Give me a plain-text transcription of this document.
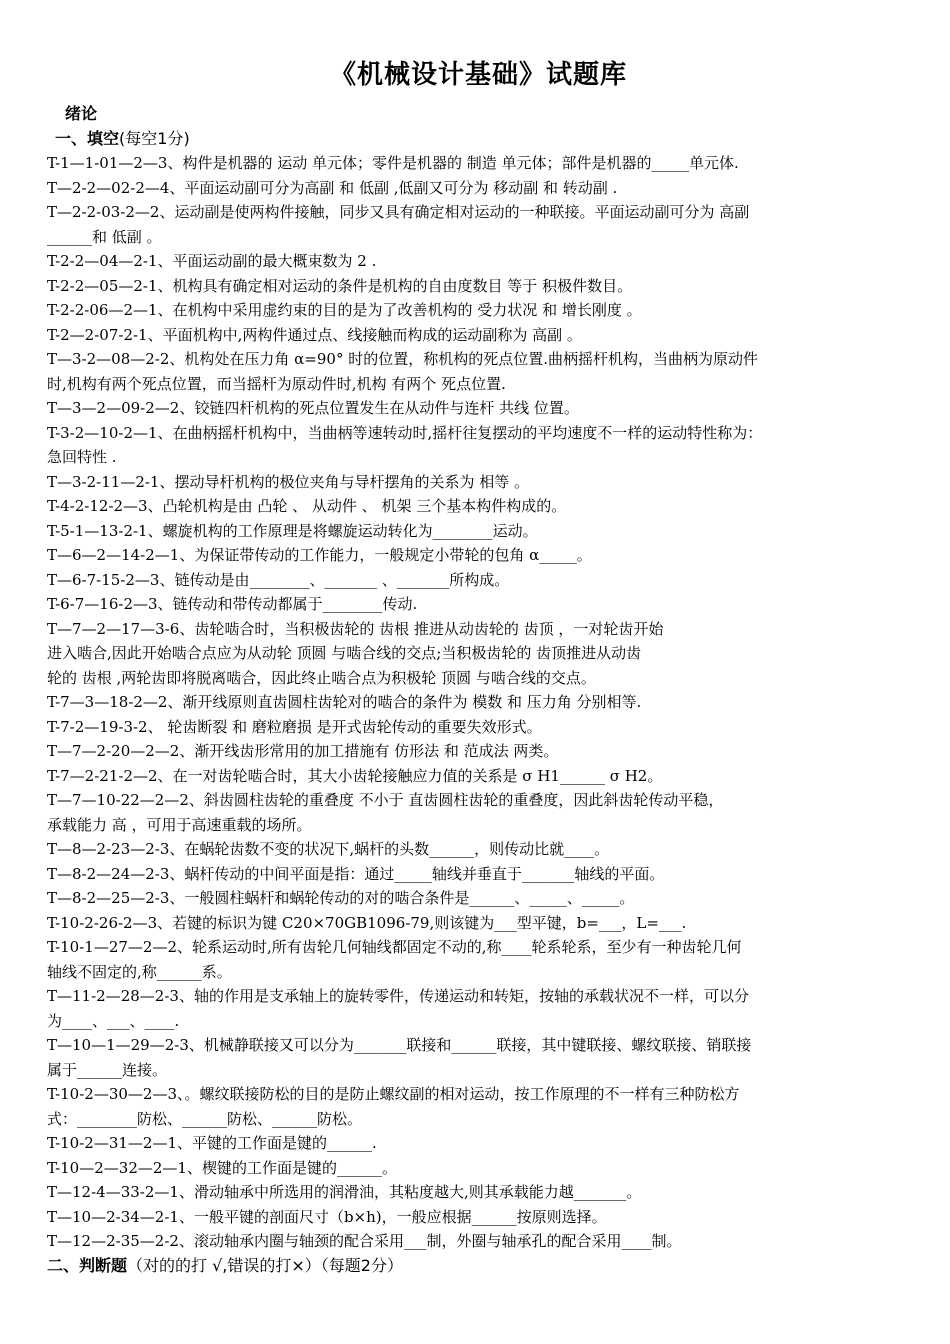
《机械设计基础》试题库
绪论
一、填空(每空1分)
T-1—1-01—2—3、构件是机器的 运动 单元体；零件是机器的 制造 单元体；部件是机器的_____单元体.
T—2-2—02-2—4、平面运动副可分为高副 和 低副 ,低副又可分为 移动副 和 转动副 .
T—2-2-03-2—2、运动副是使两构件接触，同步又具有确定相对运动的一种联接。平面运动副可分为 高副
______和 低副 。
T-2-2—04—2-1、平面运动副的最大概束数为 2 .
T-2-2—05—2-1、机构具有确定相对运动的条件是机构的自由度数目 等于 积极件数目。
T-2-2-06—2—1、在机构中采用虚约束的目的是为了改善机构的 受力状况 和 增长刚度 。
T-2—2-07-2-1、平面机构中,两构件通过点、线接触而构成的运动副称为 高副 。
T—3-2—08—2-2、机构处在压力角 α=90° 时的位置，称机构的死点位置.曲柄摇杆机构，当曲柄为原动件
时,机构有两个死点位置，而当摇杆为原动件时,机构 有两个 死点位置.
T—3—2—09-2—2、铰链四杆机构的死点位置发生在从动件与连杆 共线 位置。
T-3-2—10-2—1、在曲柄摇杆机构中，当曲柄等速转动时,摇杆往复摆动的平均速度不一样的运动特性称为：
急回特性 .
T—3-2-11—2-1、摆动导杆机构的极位夹角与导杆摆角的关系为 相等 。
T-4-2-12-2—3、凸轮机构是由 凸轮 、 从动件 、 机架 三个基本构件构成的。
T-5-1—13-2-1、螺旋机构的工作原理是将螺旋运动转化为________运动。
T—6—2—14-2—1、为保证带传动的工作能力，一般规定小带轮的包角 α_____。
T—6-7-15-2—3、链传动是由________、_______ 、_______所构成。
T-6-7—16-2—3、链传动和带传动都属于________传动.
T—7—2—17—3-6、齿轮啮合时，当积极齿轮的 齿根 推进从动齿轮的 齿顶 ，一对轮齿开始
进入啮合,因此开始啮合点应为从动轮 顶圆 与啮合线的交点;当积极齿轮的 齿顶推进从动齿
轮的 齿根 ,两轮齿即将脱离啮合，因此终止啮合点为积极轮 顶圆 与啮合线的交点。
T-7—3—18-2—2、渐开线原则直齿圆柱齿轮对的啮合的条件为 模数 和 压力角 分别相等.
T-7-2—19-3-2、 轮齿断裂 和 磨粒磨损 是开式齿轮传动的重要失效形式。
T—7—2-20—2—2、渐开线齿形常用的加工措施有 仿形法 和 范成法 两类。
T-7—2-21-2—2、在一对齿轮啮合时，其大小齿轮接触应力值的关系是 σ H1______ σ H2。
T—7—10-22—2—2、斜齿圆柱齿轮的重叠度 不小于 直齿圆柱齿轮的重叠度，因此斜齿轮传动平稳，
承载能力 高 ，可用于高速重载的场所。
T—8—2-23—2-3、在蜗轮齿数不变的状况下,蜗杆的头数______，则传动比就____。
T—8-2—24—2-3、蜗杆传动的中间平面是指：通过_____轴线并垂直于_______轴线的平面。
T—8-2—25—2-3、一般圆柱蜗杆和蜗轮传动的对的啮合条件是______、_____、_____。
T-10-2-26-2—3、若键的标识为键 C20×70GB1096-79,则该键为___型平键，b=___，L=___.
T-10-1—27—2—2、轮系运动时,所有齿轮几何轴线都固定不动的,称____轮系轮系，至少有一种齿轮几何
轴线不固定的,称______系。
T—11-2—28—2-3、轴的作用是支承轴上的旋转零件，传递运动和转矩，按轴的承载状况不一样，可以分
为____、___、____.
T—10—1—29—2-3、机械静联接又可以分为_______联接和______联接，其中键联接、螺纹联接、销联接
属于______连接。
T-10-2—30—2—3、。螺纹联接防松的目的是防止螺纹副的相对运动，按工作原理的不一样有三种防松方
式：________防松、______防松、______防松。
T-10-2—31—2—1、平键的工作面是键的______.
T-10—2—32—2—1、楔键的工作面是键的______。
T—12-4—33-2—1、滑动轴承中所选用的润滑油，其粘度越大,则其承载能力越_______。
T—10—2-34—2-1、一般平键的剖面尺寸（b×h)，一般应根据______按原则选择。
T—12—2-35—2-2、滚动轴承内圈与轴颈的配合采用___制，外圈与轴承孔的配合采用____制。
二、判断题（对的的打 √,错误的打×）（每题2分）
